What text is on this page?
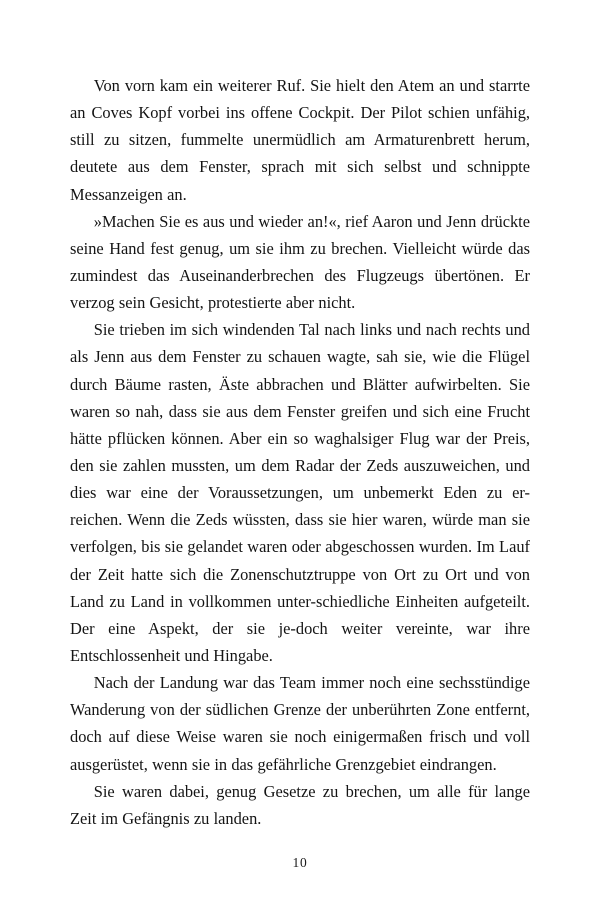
Von vorn kam ein weiterer Ruf. Sie hielt den Atem an und starrte an Coves Kopf vorbei ins offene Cockpit. Der Pilot schien unfähig, still zu sitzen, fummelte unermüdlich am Armaturenbrett herum, deutete aus dem Fenster, sprach mit sich selbst und schnippte Messanzeigen an.

»Machen Sie es aus und wieder an!«, rief Aaron und Jenn drückte seine Hand fest genug, um sie ihm zu brechen. Vielleicht würde das zumindest das Auseinanderbrechen des Flugzeugs übertönen. Er verzog sein Gesicht, protestierte aber nicht.

Sie trieben im sich windenden Tal nach links und nach rechts und als Jenn aus dem Fenster zu schauen wagte, sah sie, wie die Flügel durch Bäume rasten, Äste abbrachen und Blätter aufwirbelten. Sie waren so nah, dass sie aus dem Fenster greifen und sich eine Frucht hätte pflücken können. Aber ein so waghalsiger Flug war der Preis, den sie zahlen mussten, um dem Radar der Zeds auszuweichen, und dies war eine der Voraussetzungen, um unbemerkt Eden zu er-reichen. Wenn die Zeds wüssten, dass sie hier waren, würde man sie verfolgen, bis sie gelandet waren oder abgeschossen wurden. Im Lauf der Zeit hatte sich die Zonenschutztruppe von Ort zu Ort und von Land zu Land in vollkommen unter-schiedliche Einheiten aufgeteilt. Der eine Aspekt, der sie je-doch weiter vereinte, war ihre Entschlossenheit und Hingabe.

Nach der Landung war das Team immer noch eine sechsstündige Wanderung von der südlichen Grenze der unberührten Zone entfernt, doch auf diese Weise waren sie noch einigermaßen frisch und voll ausgerüstet, wenn sie in das gefährliche Grenzgebiet eindrangen.

Sie waren dabei, genug Gesetze zu brechen, um alle für lange Zeit im Gefängnis zu landen.

10
